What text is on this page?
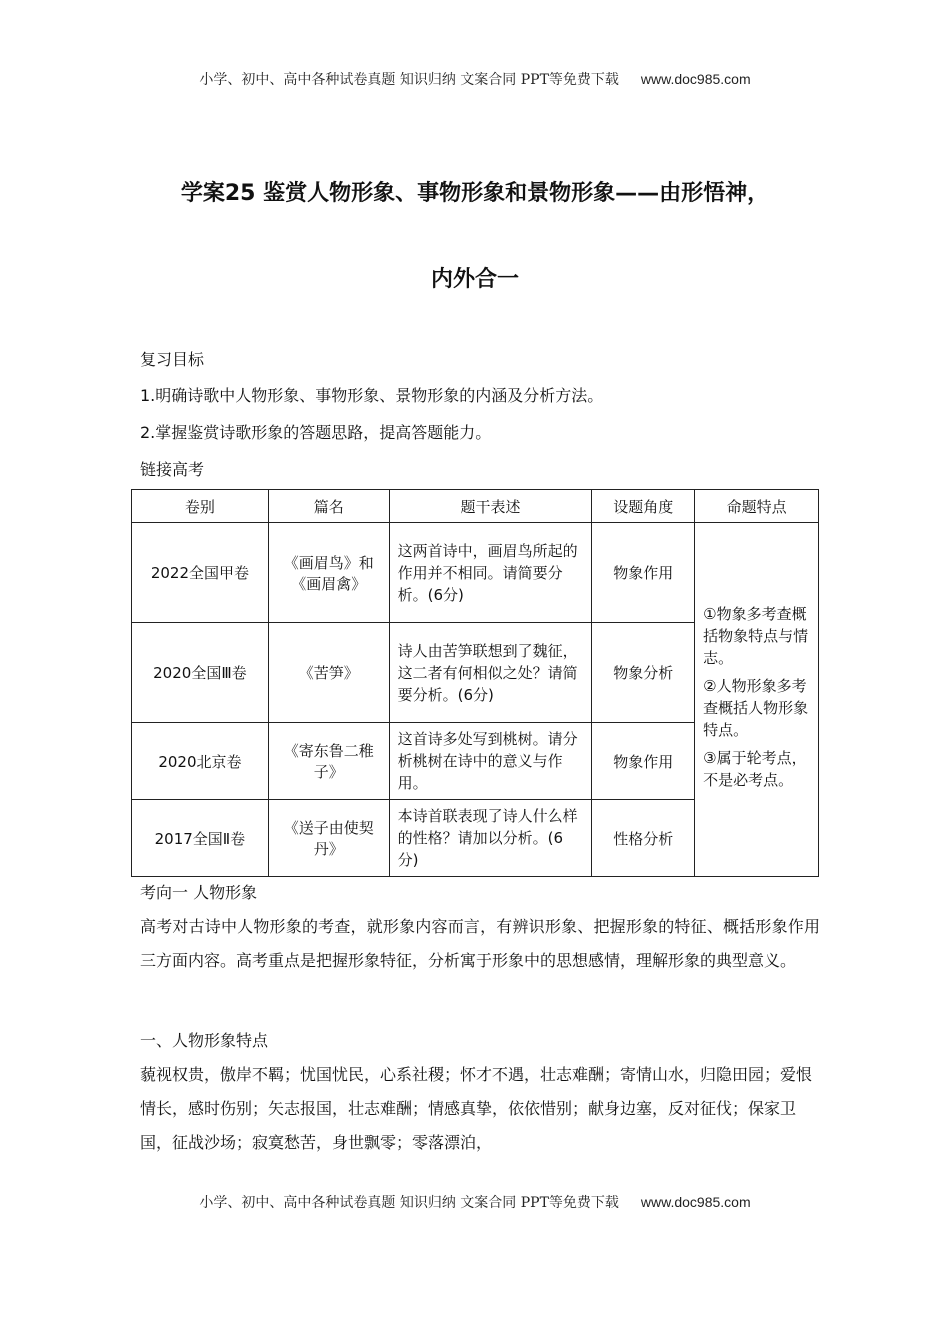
小学、初中、高中各种试卷真题 知识归纳 文案合同 PPT等免费下载 www.doc985.com
学案25 鉴赏人物形象、事物形象和景物形象——由形悟神，
内外合一
复习目标
1.明确诗歌中人物形象、事物形象、景物形象的内涵及分析方法。
2.掌握鉴赏诗歌形象的答题思路，提高答题能力。
链接高考
卷别	篇名	题干表述	设题角度	命题特点
2022全国甲卷	《画眉鸟》和《画眉禽》	这两首诗中，画眉鸟所起的作用并不相同。请简要分析。(6分)	物象作用	①物象多考查概括物象特点与情志。

②人物形象多考查概括人物形象特点。

③属于轮考点，不是必考点。

2020全国Ⅲ卷	《苦笋》	诗人由苦笋联想到了魏征，这二者有何相似之处？请简要分析。(6分)	物象分析	
2020北京卷	《寄东鲁二稚子》	这首诗多处写到桃树。请分析桃树在诗中的意义与作用。	物象作用	
2017全国Ⅱ卷	《送子由使契丹》	本诗首联表现了诗人什么样的性格？请加以分析。(6分)	性格分析	
考向一 人物形象
高考对古诗中人物形象的考查，就形象内容而言，有辨识形象、把握形象的特征、概括形象作用三方面内容。高考重点是把握形象特征，分析寓于形象中的思想感情，理解形象的典型意义。
一、人物形象特点
藐视权贵，傲岸不羁；忧国忧民，心系社稷；怀才不遇，壮志难酬；寄情山水，归隐田园；爱恨情长，感时伤别；矢志报国，壮志难酬；情感真挚，依依惜别；献身边塞，反对征伐；保家卫国，征战沙场；寂寞愁苦，身世飘零；零落漂泊，
小学、初中、高中各种试卷真题 知识归纳 文案合同 PPT等免费下载 www.doc985.com
